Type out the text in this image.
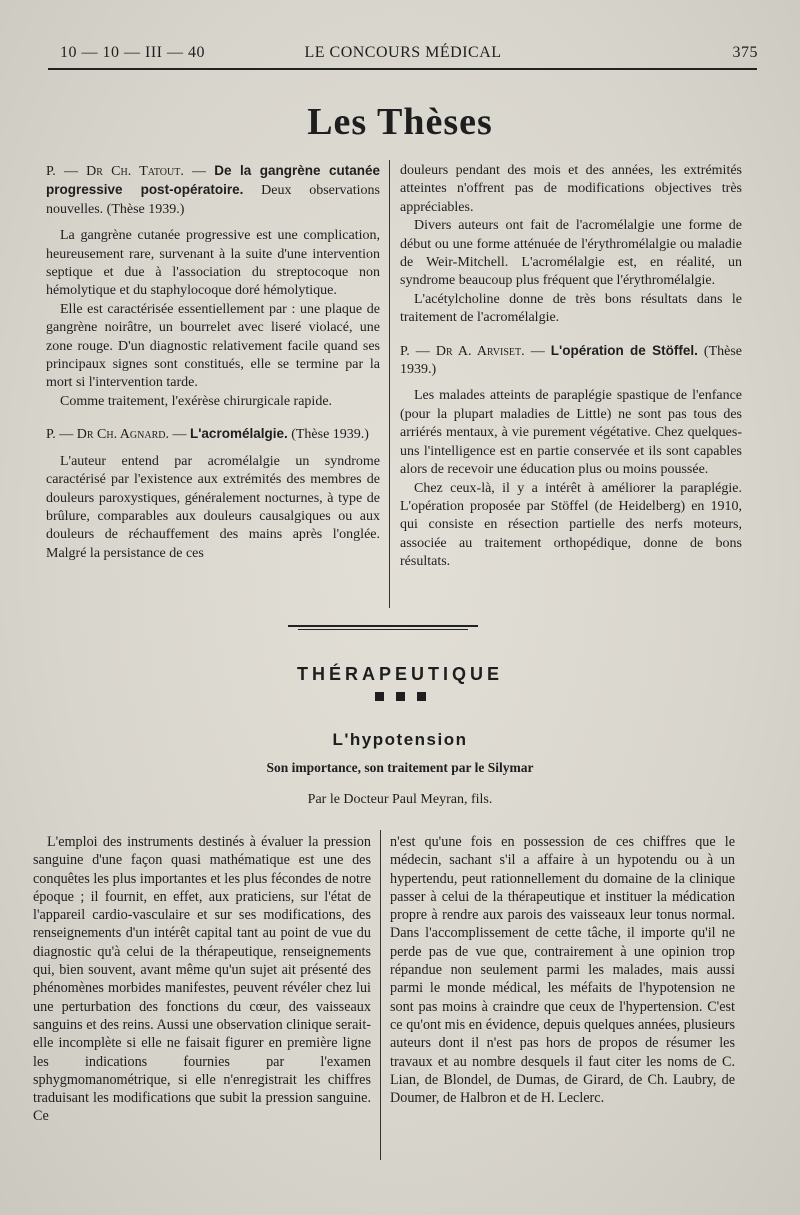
10 — 10 — III — 40	LE CONCOURS MÉDICAL	375
Les Thèses

P. — Dr Ch. Tatout. — De la gangrène cutanée progressive post-opératoire. Deux observations nouvelles. (Thèse 1939.)

La gangrène cutanée progressive est une complication, heureusement rare, survenant à la suite d'une intervention septique et due à l'association du streptocoque non hémolytique et du staphylocoque doré hémolytique.

Elle est caractérisée essentiellement par : une plaque de gangrène noirâtre, un bourrelet avec liseré violacé, une zone rouge. D'un diagnostic relativement facile quand ses principaux signes sont constitués, elle se termine par la mort si l'intervention tarde.

Comme traitement, l'exérèse chirurgicale rapide.

P. — Dr Ch. Agnard. — L'acromélalgie. (Thèse 1939.)

L'auteur entend par acromélalgie un syndrome caractérisé par l'existence aux extrémités des membres de douleurs paroxystiques, généralement nocturnes, à type de brûlure, comparables aux douleurs causalgiques ou aux douleurs de réchauffement des mains après l'onglée. Malgré la persistance de ces

douleurs pendant des mois et des années, les extrémités atteintes n'offrent pas de modifications objectives très appréciables.

Divers auteurs ont fait de l'acromélalgie une forme de début ou une forme atténuée de l'érythromélalgie ou maladie de Weir-Mitchell. L'acromélalgie est, en réalité, un syndrome beaucoup plus fréquent que l'érythromélalgie.

L'acétylcholine donne de très bons résultats dans le traitement de l'acromélalgie.

P. — Dr A. Arviset. — L'opération de Stöffel. (Thèse 1939.)

Les malades atteints de paraplégie spastique de l'enfance (pour la plupart maladies de Little) ne sont pas tous des arriérés mentaux, à vie purement végétative. Chez quelques-uns l'intelligence est en partie conservée et ils sont capables alors de recevoir une éducation plus ou moins poussée.

Chez ceux-là, il y a intérêt à améliorer la paraplégie. L'opération proposée par Stöffel (de Heidelberg) en 1910, qui consiste en résection partielle des nerfs moteurs, associée au traitement orthopédique, donne de bons résultats.

THÉRAPEUTIQUE
L'hypotension
Son importance, son traitement par le Silymar
Par le Docteur Paul Meyran, fils.

L'emploi des instruments destinés à évaluer la pression sanguine d'une façon quasi mathématique est une des conquêtes les plus importantes et les plus fécondes de notre époque ; il fournit, en effet, aux praticiens, sur l'état de l'appareil cardio-vasculaire et sur ses modifications, des renseignements d'un intérêt capital tant au point de vue du diagnostic qu'à celui de la thérapeutique, renseignements qui, bien souvent, avant même qu'un sujet ait présenté des phénomènes morbides manifestes, peuvent révéler chez lui une perturbation des fonctions du cœur, des vaisseaux sanguins et des reins. Aussi une observation clinique serait-elle incomplète si elle ne faisait figurer en première ligne les indications fournies par l'examen sphygmomanométrique, si elle n'enregistrait les chiffres traduisant les modifications que subit la pression sanguine. Ce

n'est qu'une fois en possession de ces chiffres que le médecin, sachant s'il a affaire à un hypotendu ou à un hypertendu, peut rationnellement du domaine de la clinique passer à celui de la thérapeutique et instituer la médication propre à rendre aux parois des vaisseaux leur tonus normal. Dans l'accomplissement de cette tâche, il importe qu'il ne perde pas de vue que, contrairement à une opinion trop répandue non seulement parmi les malades, mais aussi parmi le monde médical, les méfaits de l'hypotension ne sont pas moins à craindre que ceux de l'hypertension. C'est ce qu'ont mis en évidence, depuis quelques années, plusieurs auteurs dont il n'est pas hors de propos de résumer les travaux et au nombre desquels il faut citer les noms de C. Lian, de Blondel, de Dumas, de Girard, de Ch. Laubry, de Doumer, de Halbron et de H. Leclerc.
